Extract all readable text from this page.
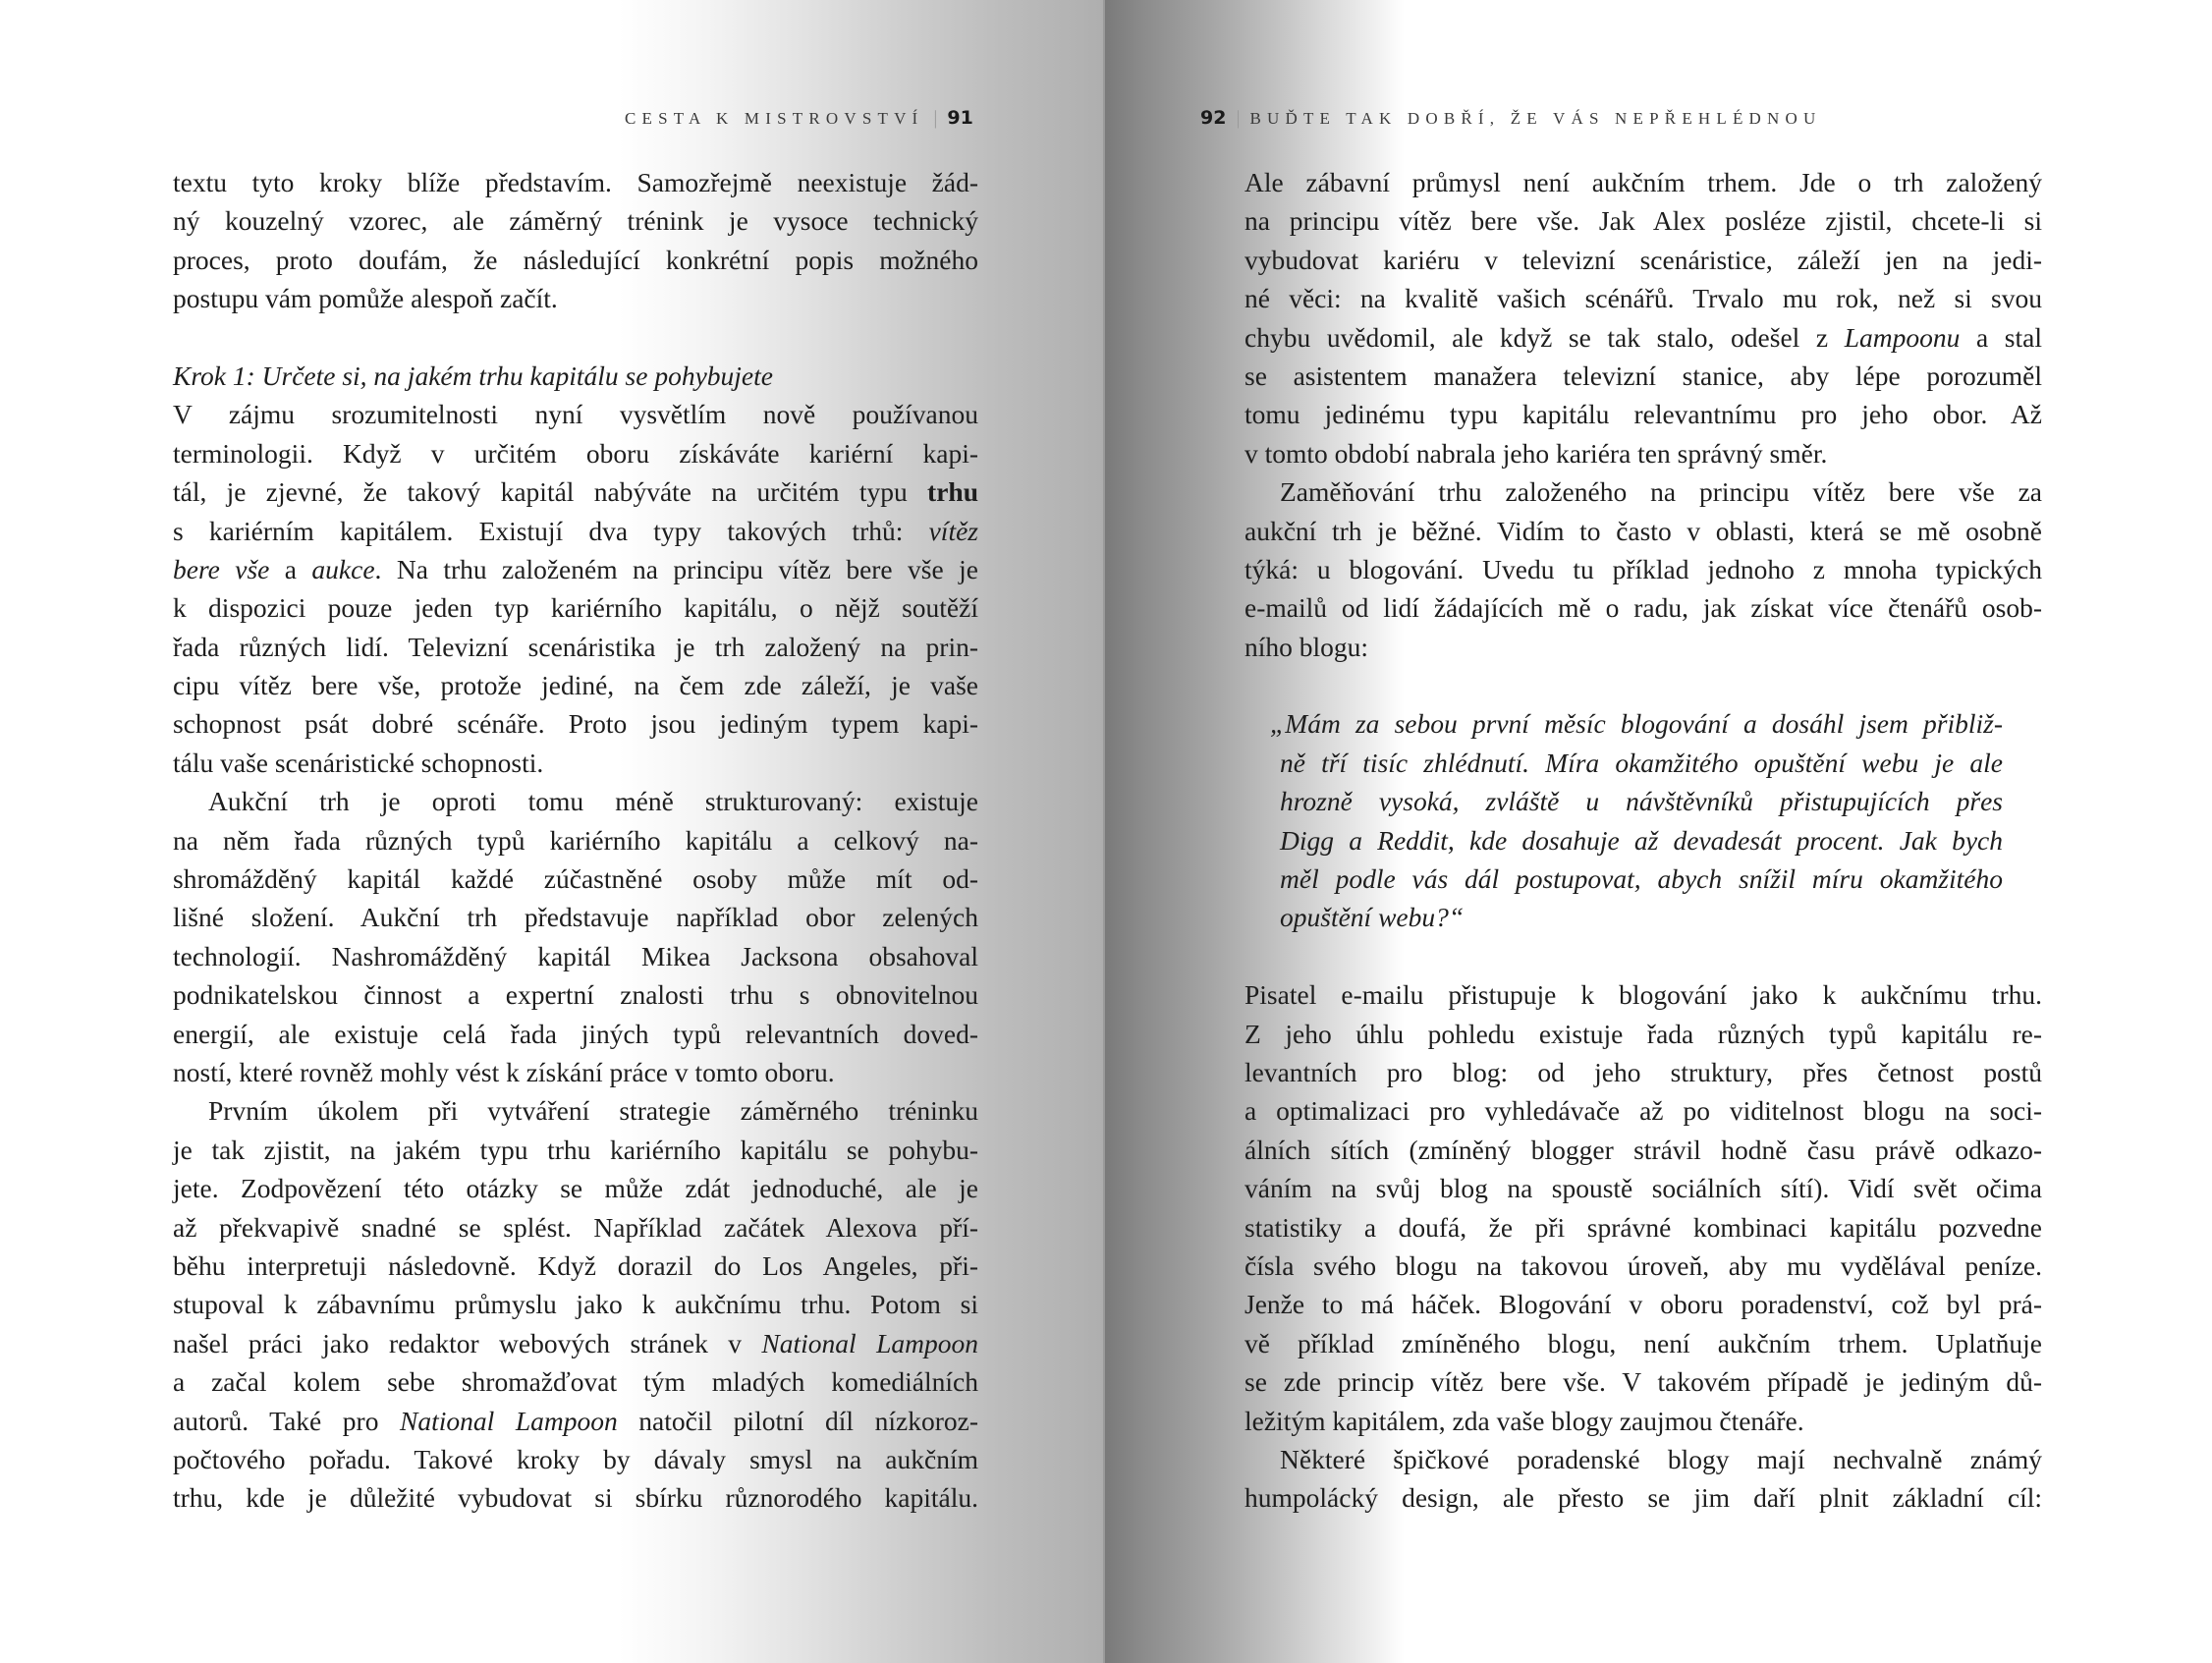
CESTA K MISTROVSTVÍ | 91
textu tyto kroky blíže představím. Samozřejmě neexistuje žád-
ný kouzelný vzorec, ale záměrný trénink je vysoce technický
proces, proto doufám, že následující konkrétní popis možného
postupu vám pomůže alespoň začít.
Krok 1: Určete si, na jakém trhu kapitálu se pohybujete
V zájmu srozumitelnosti nyní vysvětlím nově používanou
terminologii. Když v určitém oboru získáváte kariérní kapi-
tál, je zjevné, že takový kapitál nabýváte na určitém typu trhu
s kariérním kapitálem. Existují dva typy takových trhů: vítěz
bere vše a aukce. Na trhu založeném na principu vítěz bere vše je
k dispozici pouze jeden typ kariérního kapitálu, o nějž soutěží
řada různých lidí. Televizní scenáristika je trh založený na prin-
cipu vítěz bere vše, protože jediné, na čem zde záleží, je vaše
schopnost psát dobré scénáře. Proto jsou jediným typem kapi-
tálu vaše scenáristické schopnosti.
Aukční trh je oproti tomu méně strukturovaný: existuje
na něm řada různých typů kariérního kapitálu a celkový na-
shromážděný kapitál každé zúčastněné osoby může mít od-
lišné složení. Aukční trh představuje například obor zelených
technologií. Nashromážděný kapitál Mikea Jacksona obsahoval
podnikatelskou činnost a expertní znalosti trhu s obnovitelnou
energií, ale existuje celá řada jiných typů relevantních doved-
ností, které rovněž mohly vést k získání práce v tomto oboru.
Prvním úkolem při vytváření strategie záměrného tréninku
je tak zjistit, na jakém typu trhu kariérního kapitálu se pohybu-
jete. Zodpovězení této otázky se může zdát jednoduché, ale je
až překvapivě snadné se splést. Například začátek Alexova pří-
běhu interpretuji následovně. Když dorazil do Los Angeles, při-
stupoval k zábavnímu průmyslu jako k aukčnímu trhu. Potom si
našel práci jako redaktor webových stránek v National Lampoon
a začal kolem sebe shromažďovat tým mladých komediálních
autorů. Také pro National Lampoon natočil pilotní díl nízkoroz-
počtového pořadu. Takové kroky by dávaly smysl na aukčním
trhu, kde je důležité vybudovat si sbírku různorodého kapitálu.
92 | BUĎTE TAK DOBŘÍ, ŽE VÁS NEPŘEHLÉDNOU
Ale zábavní průmysl není aukčním trhem. Jde o trh založený
na principu vítěz bere vše. Jak Alex posléze zjistil, chcete-li si
vybudovat kariéru v televizní scenáristice, záleží jen na jedi-
né věci: na kvalitě vašich scénářů. Trvalo mu rok, než si svou
chybu uvědomil, ale když se tak stalo, odešel z Lampoonu a stal
se asistentem manažera televizní stanice, aby lépe porozuměl
tomu jedinému typu kapitálu relevantnímu pro jeho obor. Až
v tomto období nabrala jeho kariéra ten správný směr.
Zaměňování trhu založeného na principu vítěz bere vše za
aukční trh je běžné. Vidím to často v oblasti, která se mě osobně
týká: u blogování. Uvedu tu příklad jednoho z mnoha typických
e-mailů od lidí žádajících mě o radu, jak získat více čtenářů osob-
ního blogu:
„Mám za sebou první měsíc blogování a dosáhl jsem přibliž-
ně tří tisíc zhlédnutí. Míra okamžitého opuštění webu je ale
hrozně vysoká, zvláště u návštěvníků přistupujících přes
Digg a Reddit, kde dosahuje až devadesát procent. Jak bych
měl podle vás dál postupovat, abych snížil míru okamžitého
opuštění webu?“
Pisatel e-mailu přistupuje k blogování jako k aukčnímu trhu.
Z jeho úhlu pohledu existuje řada různých typů kapitálu re-
levantních pro blog: od jeho struktury, přes četnost postů
a optimalizaci pro vyhledávače až po viditelnost blogu na soci-
álních sítích (zmíněný blogger strávil hodně času právě odkazo-
váním na svůj blog na spoustě sociálních sítí). Vidí svět očima
statistiky a doufá, že při správné kombinaci kapitálu pozvedne
čísla svého blogu na takovou úroveň, aby mu vydělával peníze.
Jenže to má háček. Blogování v oboru poradenství, což byl prá-
vě příklad zmíněného blogu, není aukčním trhem. Uplatňuje
se zde princip vítěz bere vše. V takovém případě je jediným dů-
ležitým kapitálem, zda vaše blogy zaujmou čtenáře.
Některé špičkové poradenské blogy mají nechvalně známý
humpolácký design, ale přesto se jim daří plnit základní cíl:
